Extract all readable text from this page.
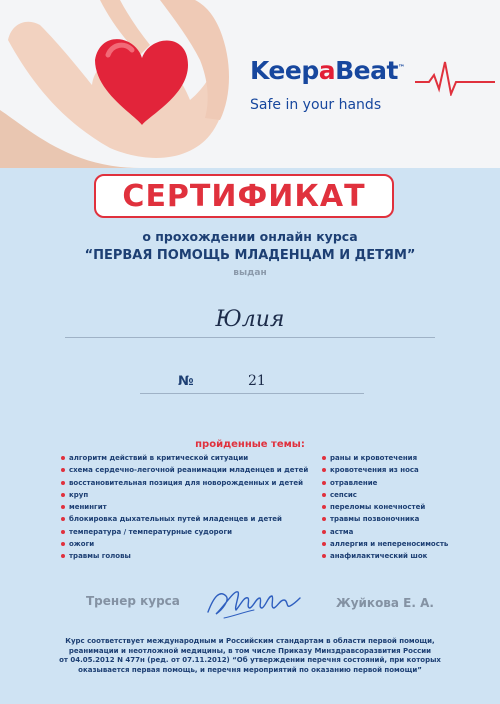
KeepaBeat™
Safe in your hands
СЕРТИФИКАТ
о прохождении онлайн курса
“ПЕРВАЯ ПОМОЩЬ МЛАДЕНЦАМ И ДЕТЯМ”
выдан
Юлия
№	21
пройденные темы:
алгоритм действий в критической ситуации
схема сердечно-легочной реанимации младенцев и детей
восстановительная позиция для новорожденных и детей
круп
менингит
блокировка дыхательных путей младенцев и детей
температура / температурные судороги
ожоги
травмы головы
раны и кровотечения
кровотечения из носа
отравление
сепсис
переломы конечностей
травмы позвоночника
астма
аллергия и непереносимость
анафилактический шок
Тренер курса	Жуйкова Е. А.
Курс соответствует международным и Российским стандартам в области первой помощи,
реанимации и неотложной медицины, в том числе Приказу Минздравсоразвития России
от 04.05.2012 N 477н (ред. от 07.11.2012) “Об утверждении перечня состояний, при которых
оказывается первая помощь, и перечня мероприятий по оказанию первой помощи”
